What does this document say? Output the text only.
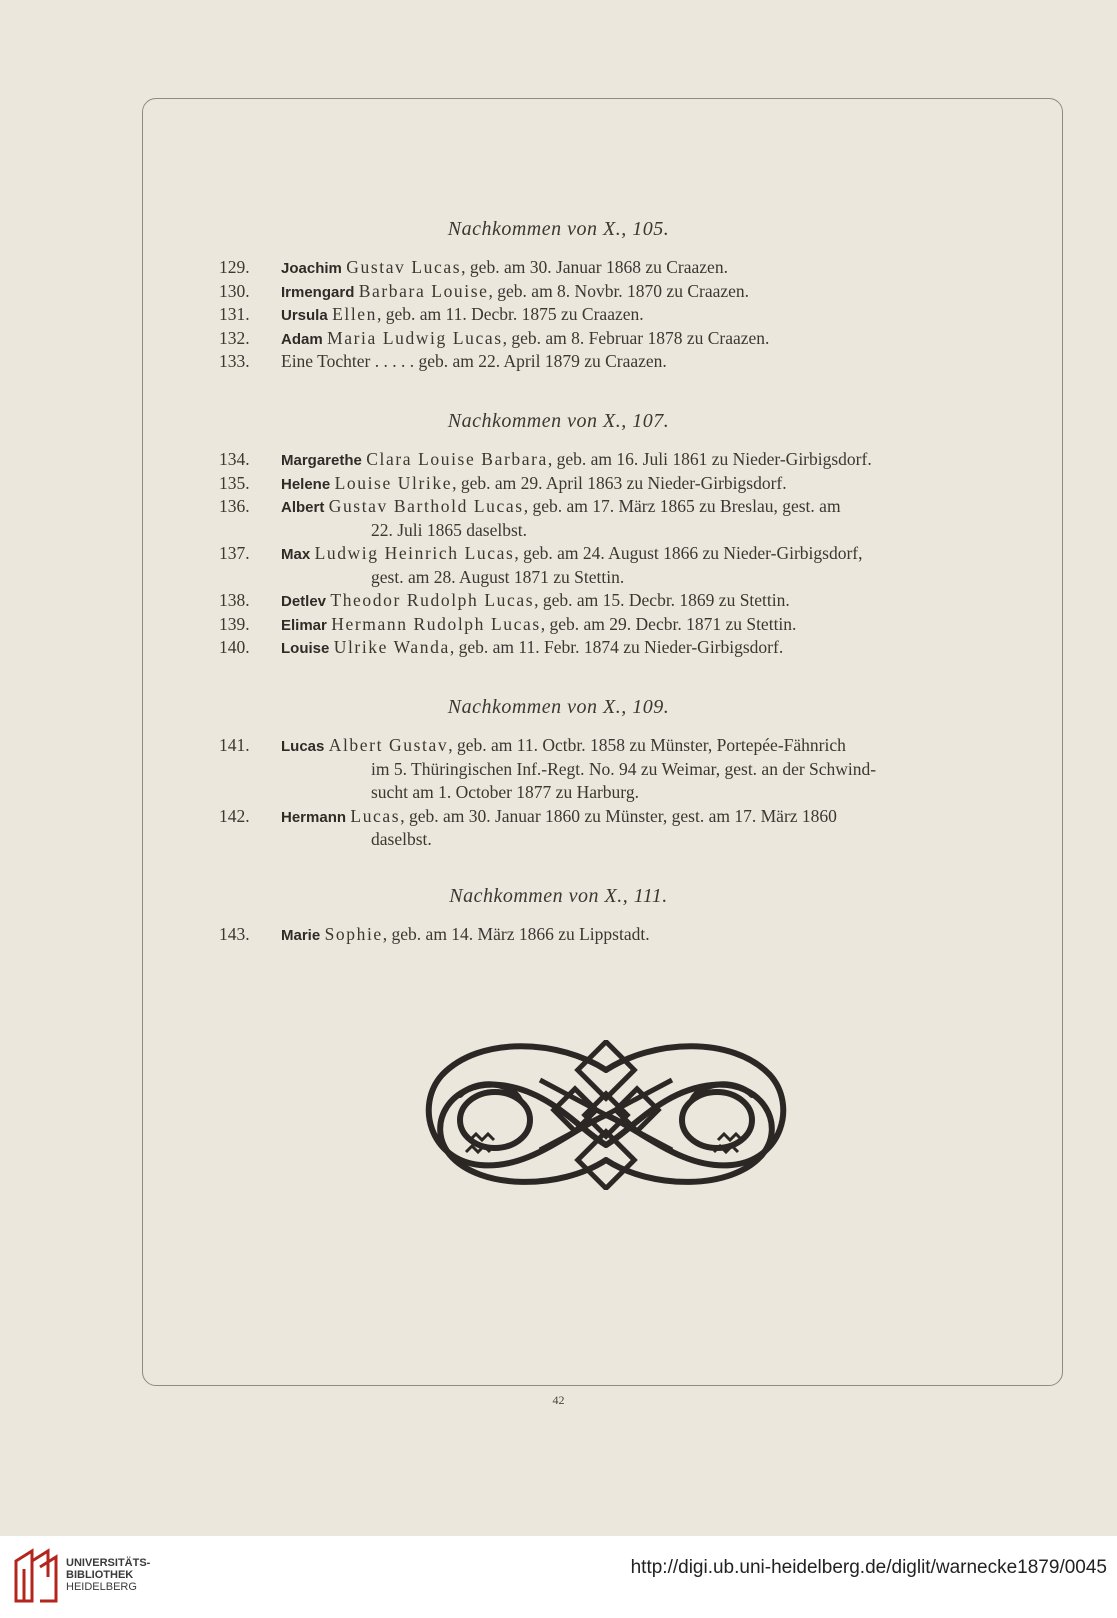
Nachkommen von X., 105.
129.	Joachim Gustav Lucas, geb. am 30. Januar 1868 zu Craazen.
130.	Irmengard Barbara Louise, geb. am 8. Novbr. 1870 zu Craazen.
131.	Ursula Ellen, geb. am 11. Decbr. 1875 zu Craazen.
132.	Adam Maria Ludwig Lucas, geb. am 8. Februar 1878 zu Craazen.
133.	Eine Tochter . . . . . geb. am 22. April 1879 zu Craazen.
Nachkommen von X., 107.
134.	Margarethe Clara Louise Barbara, geb. am 16. Juli 1861 zu Nieder-Girbigsdorf.
135.	Helene Louise Ulrike, geb. am 29. April 1863 zu Nieder-Girbigsdorf.
136.	Albert Gustav Barthold Lucas, geb. am 17. März 1865 zu Breslau, gest. am
22. Juli 1865 daselbst.
137.	Max Ludwig Heinrich Lucas, geb. am 24. August 1866 zu Nieder-Girbigsdorf,
gest. am 28. August 1871 zu Stettin.
138.	Detlev Theodor Rudolph Lucas, geb. am 15. Decbr. 1869 zu Stettin.
139.	Elimar Hermann Rudolph Lucas, geb. am 29. Decbr. 1871 zu Stettin.
140.	Louise Ulrike Wanda, geb. am 11. Febr. 1874 zu Nieder-Girbigsdorf.
Nachkommen von X., 109.
141.	Lucas Albert Gustav, geb. am 11. Octbr. 1858 zu Münster, Portepée-Fähnrich
im 5. Thüringischen Inf.-Regt. No. 94 zu Weimar, gest. an der Schwind-
sucht am 1. October 1877 zu Harburg.
142.	Hermann Lucas, geb. am 30. Januar 1860 zu Münster, gest. am 17. März 1860
daselbst.
Nachkommen von X., 111.
143.	Marie Sophie, geb. am 14. März 1866 zu Lippstadt.
42
UNIVERSITÄTS-
BIBLIOTHEK
HEIDELBERG
http://digi.ub.uni-heidelberg.de/diglit/warnecke1879/0045
